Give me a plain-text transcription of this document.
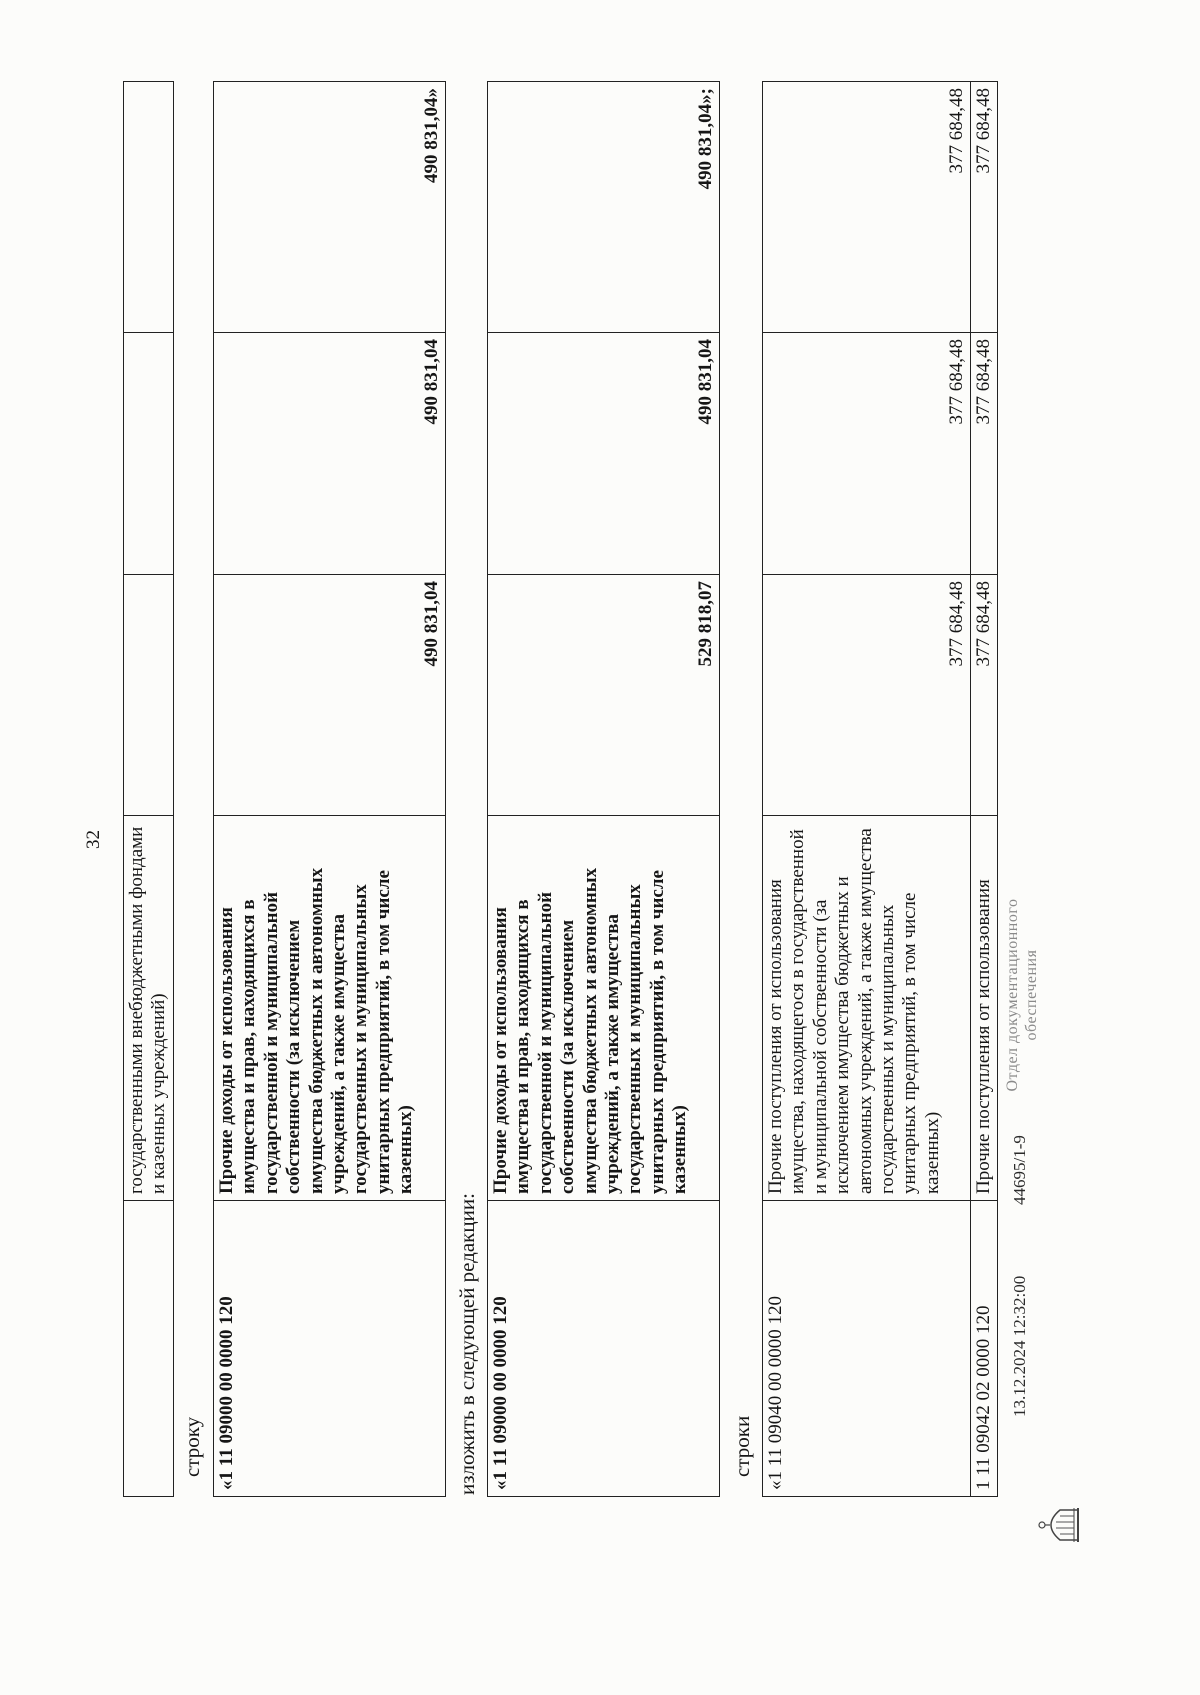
32
	государственными внебюджетными фондами и казенных учреждений)			
строку «1 11 09000 00 0000 120	Прочие доходы от использования имущества и прав, находящихся в государственной и муниципальной собственности (за исключением имущества бюджетных и автономных учреждений, а также имущества государственных и муниципальных унитарных предприятий, в том числе казенных)	490 831,04	490 831,04	490 831,04»
изложить в следующей редакции: «1 11 09000 00 0000 120	Прочие доходы от использования имущества и прав, находящихся в государственной и муниципальной собственности (за исключением имущества бюджетных и автономных учреждений, а также имущества государственных и муниципальных унитарных предприятий, в том числе казенных)	529 818,07	490 831,04	490 831,04»;
строки «1 11 09040 00 0000 120	Прочие поступления от использования имущества, находящегося в государственной и муниципальной собственности (за исключением имущества бюджетных и автономных учреждений, а также имущества государственных и муниципальных унитарных предприятий, в том числе казенных)	377 684,48	377 684,48	377 684,48
1 11 09042 02 0000 120	Прочие поступления от использования	377 684,48	377 684,48	377 684,48
13.12.2024 12:32:00
44695/1-9
Отдел документационного обеспечения
